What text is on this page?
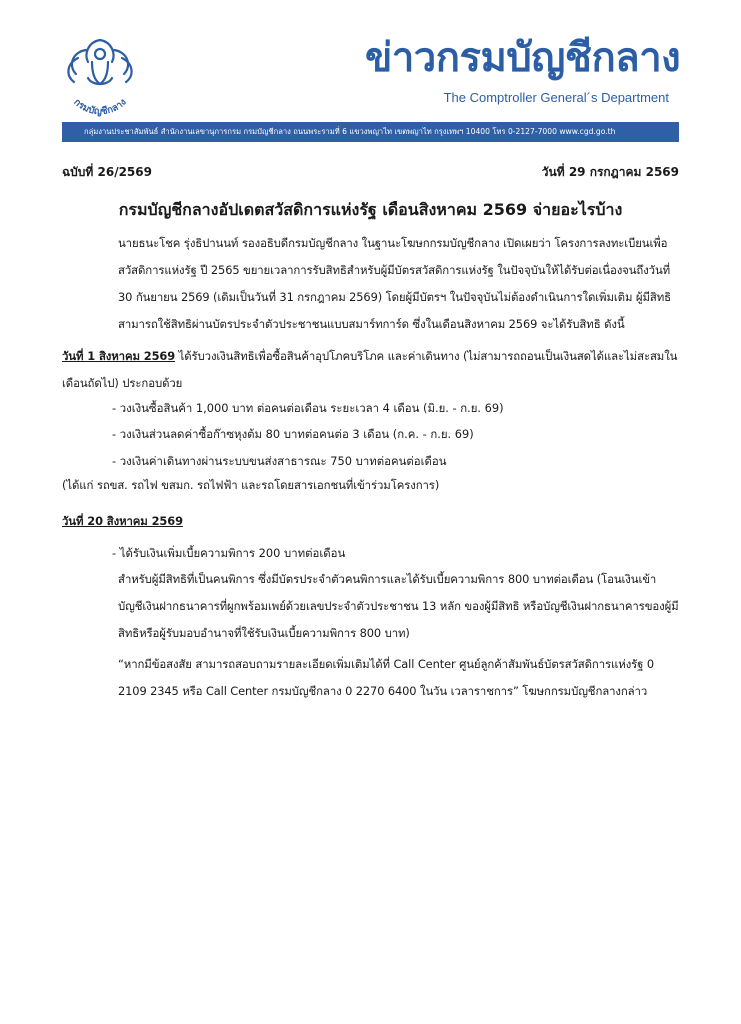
กรมบัญชีกลาง
ข่าวกรมบัญชีกลาง
The Comptroller General´s Department
กลุ่มงานประชาสัมพันธ์ สำนักงานเลขานุการกรม กรมบัญชีกลาง ถนนพระรามที่ 6 แขวงพญาไท เขตพญาไท กรุงเทพฯ 10400 โทร 0-2127-7000 www.cgd.go.th
ฉบับที่ 26/2569	วันที่ 29 กรกฎาคม 2569
กรมบัญชีกลางอัปเดตสวัสดิการแห่งรัฐ เดือนสิงหาคม 2569 จ่ายอะไรบ้าง
นายธนะโชค รุ่งธิปานนท์ รองอธิบดีกรมบัญชีกลาง ในฐานะโฆษกกรมบัญชีกลาง เปิดเผยว่า โครงการลงทะเบียนเพื่อสวัสดิการแห่งรัฐ ปี 2565 ขยายเวลาการรับสิทธิสำหรับผู้มีบัตรสวัสดิการแห่งรัฐ ในปัจจุบันให้ได้รับต่อเนื่องจนถึงวันที่ 30 กันยายน 2569 (เดิมเป็นวันที่ 31 กรกฎาคม 2569) โดยผู้มีบัตรฯ ในปัจจุบันไม่ต้องดำเนินการใดเพิ่มเติม ผู้มีสิทธิสามารถใช้สิทธิผ่านบัตรประจำตัวประชาชนแบบสมาร์ทการ์ด ซึ่งในเดือนสิงหาคม 2569 จะได้รับสิทธิ ดังนี้
วันที่ 1 สิงหาคม 2569 ได้รับวงเงินสิทธิเพื่อซื้อสินค้าอุปโภคบริโภค และค่าเดินทาง (ไม่สามารถถอนเป็นเงินสดได้และไม่สะสมในเดือนถัดไป) ประกอบด้วย
- วงเงินซื้อสินค้า 1,000 บาท ต่อคนต่อเดือน ระยะเวลา 4 เดือน (มิ.ย. - ก.ย. 69)
- วงเงินส่วนลดค่าซื้อก๊าซหุงต้ม 80 บาทต่อคนต่อ 3 เดือน (ก.ค. - ก.ย. 69)
- วงเงินค่าเดินทางผ่านระบบขนส่งสาธารณะ 750 บาทต่อคนต่อเดือน
(ได้แก่ รถขส. รถไฟ ขสมก. รถไฟฟ้า และรถโดยสารเอกชนที่เข้าร่วมโครงการ)
วันที่ 20 สิงหาคม 2569
- ได้รับเงินเพิ่มเบี้ยความพิการ 200 บาทต่อเดือน
สำหรับผู้มีสิทธิที่เป็นคนพิการ ซึ่งมีบัตรประจำตัวคนพิการและได้รับเบี้ยความพิการ 800 บาทต่อเดือน (โอนเงินเข้าบัญชีเงินฝากธนาคารที่ผูกพร้อมเพย์ด้วยเลขประจำตัวประชาชน 13 หลัก ของผู้มีสิทธิ หรือบัญชีเงินฝากธนาคารของผู้มีสิทธิหรือผู้รับมอบอำนาจที่ใช้รับเงินเบี้ยความพิการ 800 บาท)
“หากมีข้อสงสัย สามารถสอบถามรายละเอียดเพิ่มเติมได้ที่ Call Center ศูนย์ลูกค้าสัมพันธ์บัตรสวัสดิการแห่งรัฐ 0 2109 2345 หรือ Call Center กรมบัญชีกลาง 0 2270 6400 ในวัน เวลาราชการ” โฆษกกรมบัญชีกลางกล่าว
